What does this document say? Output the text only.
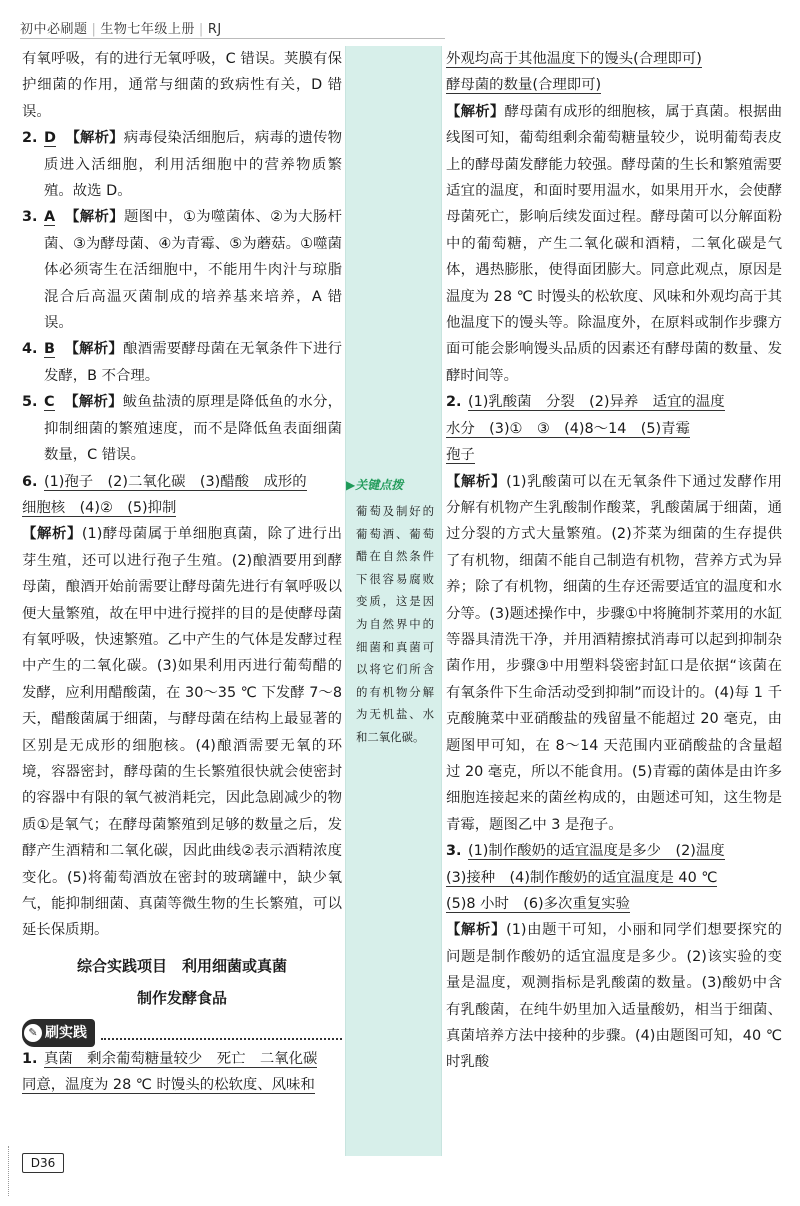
初中必刷题 | 生物七年级上册 | RJ

有氧呼吸，有的进行无氧呼吸，C 错误。荚膜有保护细菌的作用，通常与细菌的致病性有关，D 错误。

2. D 【解析】病毒侵染活细胞后，病毒的遗传物质进入活细胞，利用活细胞中的营养物质繁殖。故选 D。

3. A 【解析】题图中，①为噬菌体、②为大肠杆菌、③为酵母菌、④为青霉、⑤为蘑菇。①噬菌体必须寄生在活细胞中，不能用牛肉汁与琼脂混合后高温灭菌制成的培养基来培养，A 错误。

4. B 【解析】酿酒需要酵母菌在无氧条件下进行发酵，B 不合理。

5. C 【解析】鲅鱼盐渍的原理是降低鱼的水分，抑制细菌的繁殖速度，而不是降低鱼表面细菌数量，C 错误。

6. (1)孢子　(2)二氧化碳　(3)醋酸　成形的

细胞核　(4)②　(5)抑制

【解析】(1)酵母菌属于单细胞真菌，除了进行出芽生殖，还可以进行孢子生殖。(2)酿酒要用到酵母菌，酿酒开始前需要让酵母菌先进行有氧呼吸以便大量繁殖，故在甲中进行搅拌的目的是使酵母菌有氧呼吸，快速繁殖。乙中产生的气体是发酵过程中产生的二氧化碳。(3)如果利用丙进行葡萄醋的发酵，应利用醋酸菌，在 30～35 ℃ 下发酵 7～8 天，醋酸菌属于细菌，与酵母菌在结构上最显著的区别是无成形的细胞核。(4)酿酒需要无氧的环境，容器密封，酵母菌的生长繁殖很快就会使密封的容器中有限的氧气被消耗完，因此急剧减少的物质①是氧气；在酵母菌繁殖到足够的数量之后，发酵产生酒精和二氧化碳，因此曲线②表示酒精浓度变化。(5)将葡萄酒放在密封的玻璃罐中，缺少氧气，能抑制细菌、真菌等微生物的生长繁殖，可以延长保质期。

综合实践项目　利用细菌或真菌

制作发酵食品

✎ 刷实践
1. 真菌　剩余葡萄糖量较少　死亡　二氧化碳

同意，温度为 28 ℃ 时馒头的松软度、风味和

▶关键点拨
葡萄及制好的葡萄酒、葡萄醋在自然条件下很容易腐败变质，这是因为自然界中的细菌和真菌可以将它们所含的有机物分解为无机盐、水和二氧化碳。

外观均高于其他温度下的馒头(合理即可)

酵母菌的数量(合理即可)

【解析】酵母菌有成形的细胞核，属于真菌。根据曲线图可知，葡萄组剩余葡萄糖量较少，说明葡萄表皮上的酵母菌发酵能力较强。酵母菌的生长和繁殖需要适宜的温度，和面时要用温水，如果用开水，会使酵母菌死亡，影响后续发面过程。酵母菌可以分解面粉中的葡萄糖，产生二氧化碳和酒精，二氧化碳是气体，遇热膨胀，使得面团膨大。同意此观点，原因是温度为 28 ℃ 时馒头的松软度、风味和外观均高于其他温度下的馒头等。除温度外，在原料或制作步骤方面可能会影响馒头品质的因素还有酵母菌的数量、发酵时间等。

2. (1)乳酸菌　分裂　(2)异养　适宜的温度

水分　(3)①　③　(4)8～14　(5)青霉

孢子

【解析】(1)乳酸菌可以在无氧条件下通过发酵作用分解有机物产生乳酸制作酸菜，乳酸菌属于细菌，通过分裂的方式大量繁殖。(2)芥菜为细菌的生存提供了有机物，细菌不能自己制造有机物，营养方式为异养；除了有机物，细菌的生存还需要适宜的温度和水分等。(3)题述操作中，步骤①中将腌制芥菜用的水缸等器具清洗干净，并用酒精擦拭消毒可以起到抑制杂菌作用，步骤③中用塑料袋密封缸口是依据“该菌在有氧条件下生命活动受到抑制”而设计的。(4)每 1 千克酸腌菜中亚硝酸盐的残留量不能超过 20 毫克，由题图甲可知，在 8～14 天范围内亚硝酸盐的含量超过 20 毫克，所以不能食用。(5)青霉的菌体是由许多细胞连接起来的菌丝构成的，由题述可知，这生物是青霉，题图乙中 3 是孢子。

3. (1)制作酸奶的适宜温度是多少　(2)温度

(3)接种　(4)制作酸奶的适宜温度是 40 ℃

(5)8 小时　(6)多次重复实验

【解析】(1)由题干可知，小丽和同学们想要探究的问题是制作酸奶的适宜温度是多少。(2)该实验的变量是温度，观测指标是乳酸菌的数量。(3)酸奶中含有乳酸菌，在纯牛奶里加入适量酸奶，相当于细菌、真菌培养方法中接种的步骤。(4)由题图可知，40 ℃ 时乳酸

D36
